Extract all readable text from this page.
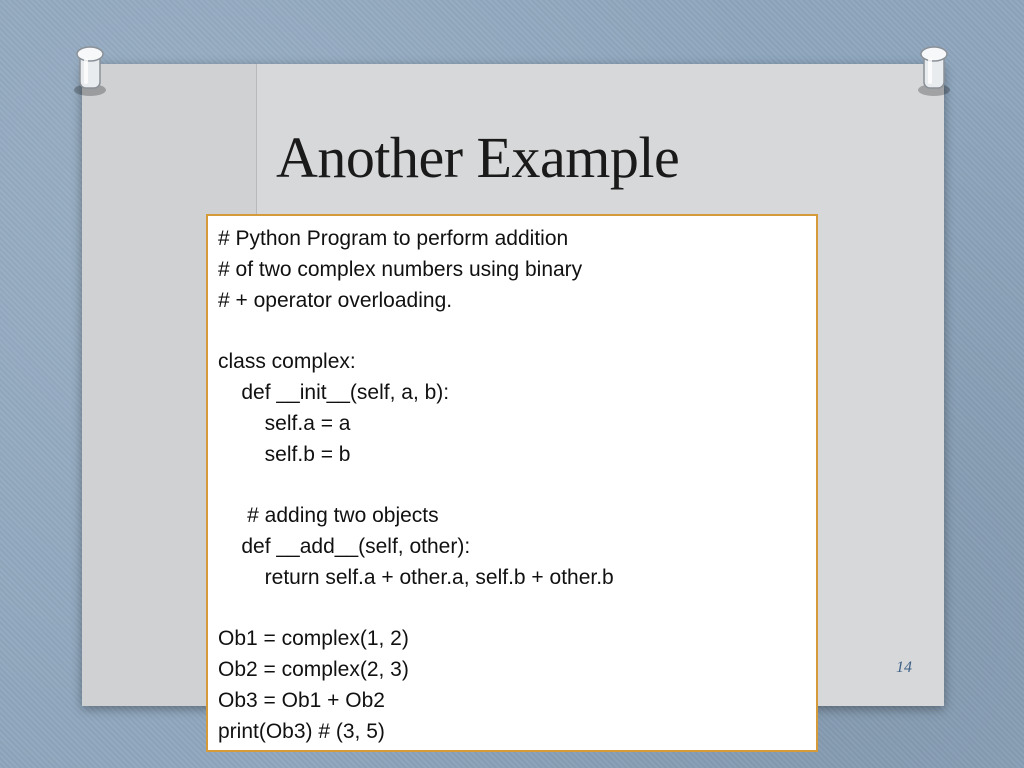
Another Example
# Python Program to perform addition
# of two complex numbers using binary
# + operator overloading.
class complex:
def __init__(self, a, b):
self.a = a
self.b = b
# adding two objects
def __add__(self, other):
return self.a + other.a, self.b + other.b
Ob1 = complex(1, 2)
Ob2 = complex(2, 3)
Ob3 = Ob1 + Ob2
print(Ob3) # (3, 5)
14
